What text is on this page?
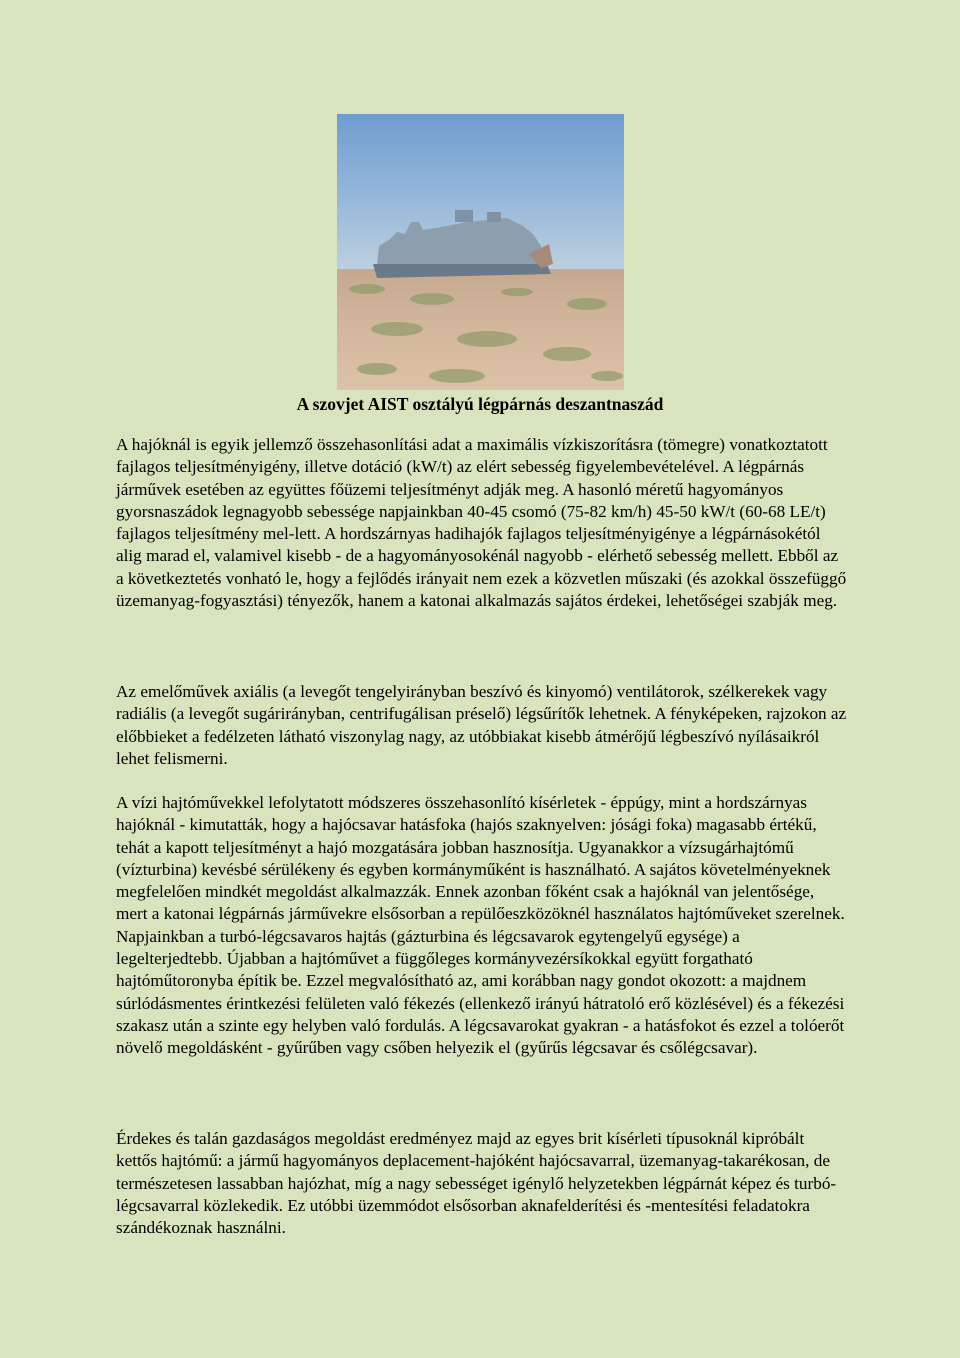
A szovjet AIST osztályú légpárnás deszantnaszád

A hajóknál is egyik jellemző összehasonlítási adat a maximális vízkiszorításra (tömegre) vonatkoztatott fajlagos teljesítményigény, illetve dotáció (kW/t) az elért sebesség figyelembevételével. A légpárnás járművek esetében az együttes főüzemi teljesítményt adják meg. A hasonló méretű hagyományos gyorsnaszádok legnagyobb sebessége napjainkban 40-45 csomó (75-82 km/h) 45-50 kW/t (60-68 LE/t) fajlagos teljesítmény mel-lett. A hordszárnyas hadihajók fajlagos teljesítményigénye a légpárnásokétól alig marad el, valamivel kisebb - de a hagyományosokénál nagyobb - elérhető sebesség mellett. Ebből az a következtetés vonható le, hogy a fejlődés irányait nem ezek a közvetlen műszaki (és azokkal összefüggő üzemanyag-fogyasztási) tényezők, hanem a katonai alkalmazás sajátos érdekei, lehetőségei szabják meg.

Az emelőművek axiális (a levegőt tengelyirányban beszívó és kinyomó) ventilátorok, szélkerekek vagy radiális (a levegőt sugárirányban, centrifugálisan préselő) légsűrítők lehetnek. A fényképeken, rajzokon az előbbieket a fedélzeten látható viszonylag nagy, az utóbbiakat kisebb átmérőjű légbeszívó nyílásaikról lehet felismerni.

A vízi hajtóművekkel lefolytatott módszeres összehasonlító kísérletek - éppúgy, mint a hordszárnyas hajóknál - kimutatták, hogy a hajócsavar hatásfoka (hajós szaknyelven: jósági foka) magasabb értékű, tehát a kapott teljesítményt a hajó mozgatására jobban hasznosítja. Ugyanakkor a vízsugárhajtómű (vízturbina) kevésbé sérülékeny és egyben kormányműként is használható. A sajátos követelményeknek megfelelően mindkét megoldást alkalmazzák. Ennek azonban főként csak a hajóknál van jelentősége, mert a katonai légpárnás járművekre elsősorban a repülőeszközöknél használatos hajtóműveket szerelnek. Napjainkban a turbó-légcsavaros hajtás (gázturbina és légcsavarok egytengelyű egysége) a legelterjedtebb. Újabban a hajtóművet a függőleges kormányvezérsíkokkal együtt forgatható hajtóműtoronyba építik be. Ezzel megvalósítható az, ami korábban nagy gondot okozott: a majdnem súrlódásmentes érintkezési felületen való fékezés (ellenkező irányú hátratoló erő közlésével) és a fékezési szakasz után a szinte egy helyben való fordulás. A légcsavarokat gyakran - a hatásfokot és ezzel a tolóerőt növelő megoldásként - gyűrűben vagy csőben helyezik el (gyűrűs légcsavar és csőlégcsavar).

Érdekes és talán gazdaságos megoldást eredményez majd az egyes brit kísérleti típusoknál kipróbált kettős hajtómű: a jármű hagyományos deplacement-hajóként hajócsavarral, üzemanyag-takarékosan, de természetesen lassabban hajózhat, míg a nagy sebességet igénylő helyzetekben légpárnát képez és turbó-légcsavarral közlekedik. Ez utóbbi üzemmódot elsősorban aknafelderítési és -mentesítési feladatokra szándékoznak használni.
